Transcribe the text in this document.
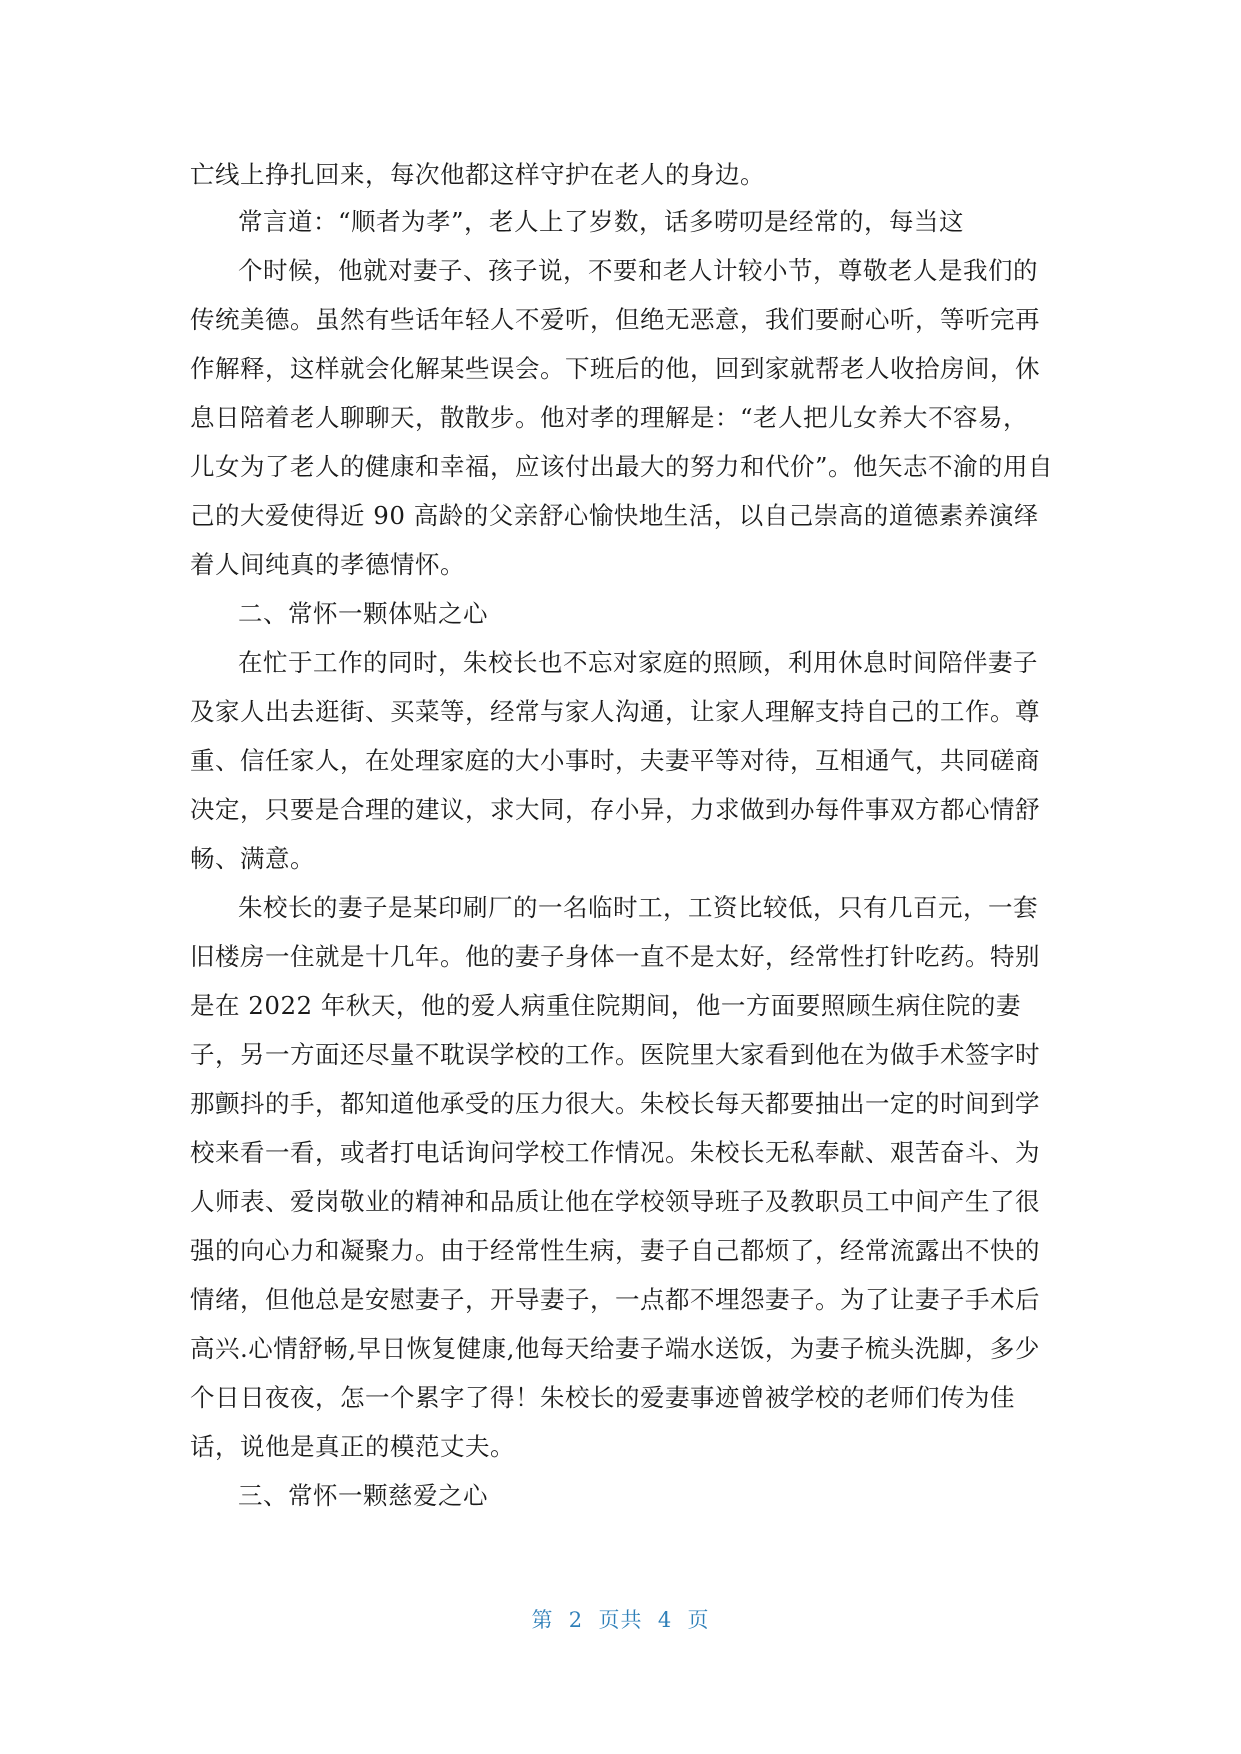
亡线上挣扎回来，每次他都这样守护在老人的身边。
常言道：“顺者为孝”，老人上了岁数，话多唠叨是经常的，每当这
个时候，他就对妻子、孩子说，不要和老人计较小节，尊敬老人是我们的
传统美德。虽然有些话年轻人不爱听，但绝无恶意，我们要耐心听，等听完再
作解释，这样就会化解某些误会。下班后的他，回到家就帮老人收拾房间，休
息日陪着老人聊聊天，散散步。他对孝的理解是：“老人把儿女养大不容易，
儿女为了老人的健康和幸福，应该付出最大的努力和代价”。他矢志不渝的用自
己的大爱使得近 90 高龄的父亲舒心愉快地生活，以自己崇高的道德素养演绎
着人间纯真的孝德情怀。
二、常怀一颗体贴之心
在忙于工作的同时，朱校长也不忘对家庭的照顾，利用休息时间陪伴妻子
及家人出去逛街、买菜等，经常与家人沟通，让家人理解支持自己的工作。尊
重、信任家人，在处理家庭的大小事时，夫妻平等对待，互相通气，共同磋商
决定，只要是合理的建议，求大同，存小异，力求做到办每件事双方都心情舒
畅、满意。
朱校长的妻子是某印刷厂的一名临时工，工资比较低，只有几百元，一套
旧楼房一住就是十几年。他的妻子身体一直不是太好，经常性打针吃药。特别
是在 2022 年秋天，他的爱人病重住院期间，他一方面要照顾生病住院的妻
子，另一方面还尽量不耽误学校的工作。医院里大家看到他在为做手术签字时
那颤抖的手，都知道他承受的压力很大。朱校长每天都要抽出一定的时间到学
校来看一看，或者打电话询问学校工作情况。朱校长无私奉献、艰苦奋斗、为
人师表、爱岗敬业的精神和品质让他在学校领导班子及教职员工中间产生了很
强的向心力和凝聚力。由于经常性生病，妻子自己都烦了，经常流露出不快的
情绪，但他总是安慰妻子，开导妻子，一点都不埋怨妻子。为了让妻子手术后
高兴.心情舒畅,早日恢复健康,他每天给妻子端水送饭，为妻子梳头洗脚，多少
个日日夜夜，怎一个累字了得！朱校长的爱妻事迹曾被学校的老师们传为佳
话，说他是真正的模范丈夫。
三、常怀一颗慈爱之心
第  2  页共  4  页
